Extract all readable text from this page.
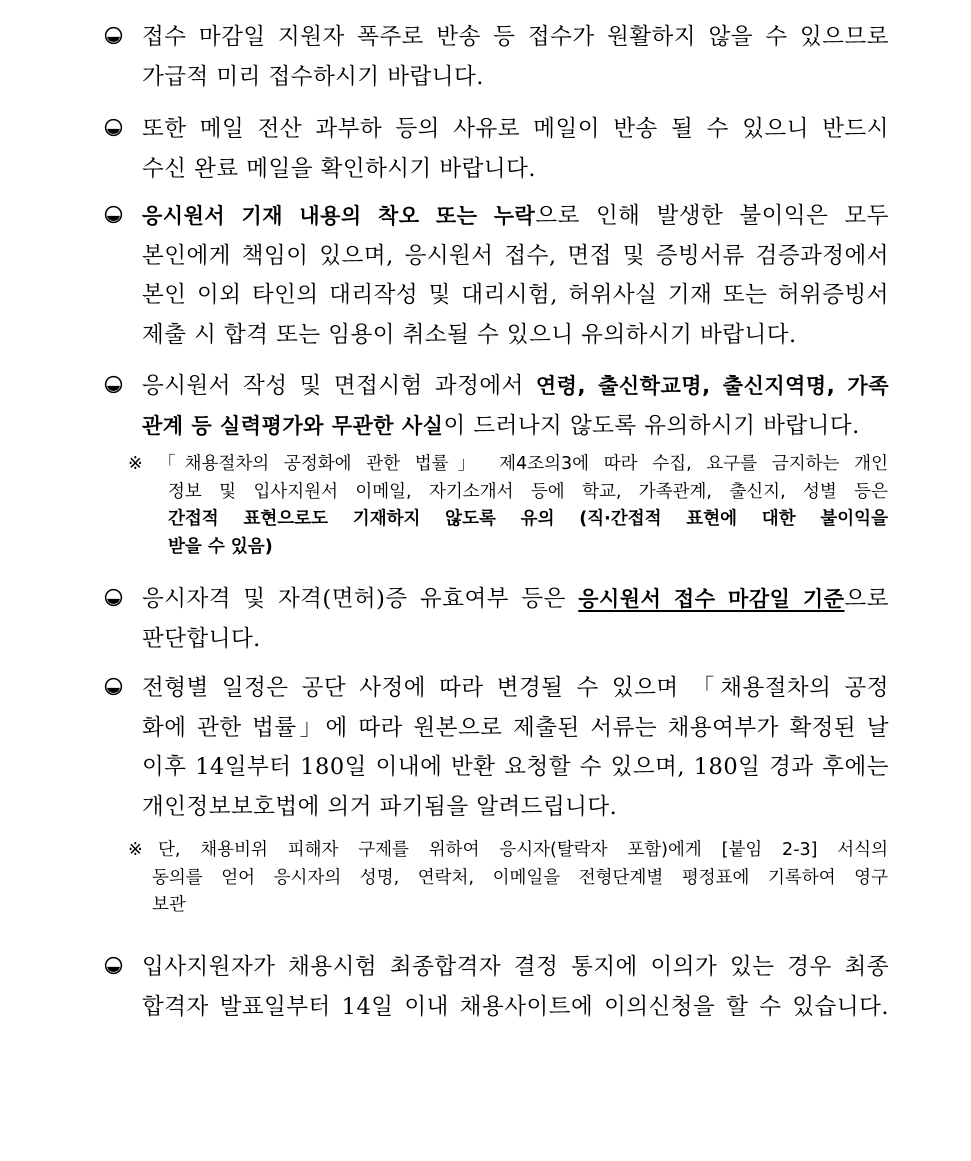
접수 마감일 지원자 폭주로 반송 등 접수가 원활하지 않을 수 있으므로
가급적 미리 접수하시기 바랍니다.
또한 메일 전산 과부하 등의 사유로 메일이 반송 될 수 있으니 반드시
수신 완료 메일을 확인하시기 바랍니다.
응시원서 기재 내용의 착오 또는 누락으로 인해 발생한 불이익은 모두
본인에게 책임이 있으며, 응시원서 접수, 면접 및 증빙서류 검증과정에서
본인 이외 타인의 대리작성 및 대리시험, 허위사실 기재 또는 허위증빙서
제출 시 합격 또는 임용이 취소될 수 있으니 유의하시기 바랍니다.
응시원서 작성 및 면접시험 과정에서 연령, 출신학교명, 출신지역명, 가족
관계 등 실력평가와 무관한 사실이 드러나지 않도록 유의하시기 바랍니다.
※ 「채용절차의 공정화에 관한 법률」 제4조의3에 따라 수집, 요구를 금지하는 개인
정보 및 입사지원서 이메일, 자기소개서 등에 학교, 가족관계, 출신지, 성별 등은
간접적 표현으로도 기재하지 않도록 유의 (직·간접적 표현에 대한 불이익을
받을 수 있음)
응시자격 및 자격(면허)증 유효여부 등은 응시원서 접수 마감일 기준으로
판단합니다.
전형별 일정은 공단 사정에 따라 변경될 수 있으며 「채용절차의 공정
화에 관한 법률」에 따라 원본으로 제출된 서류는 채용여부가 확정된 날
이후 14일부터 180일 이내에 반환 요청할 수 있으며, 180일 경과 후에는
개인정보보호법에 의거 파기됨을 알려드립니다.
※ 단, 채용비위 피해자 구제를 위하여 응시자(탈락자 포함)에게 [붙임 2-3] 서식의
동의를 얻어 응시자의 성명, 연락처, 이메일을 전형단계별 평정표에 기록하여 영구
보관
입사지원자가 채용시험 최종합격자 결정 통지에 이의가 있는 경우 최종
합격자 발표일부터 14일 이내 채용사이트에 이의신청을 할 수 있습니다.
